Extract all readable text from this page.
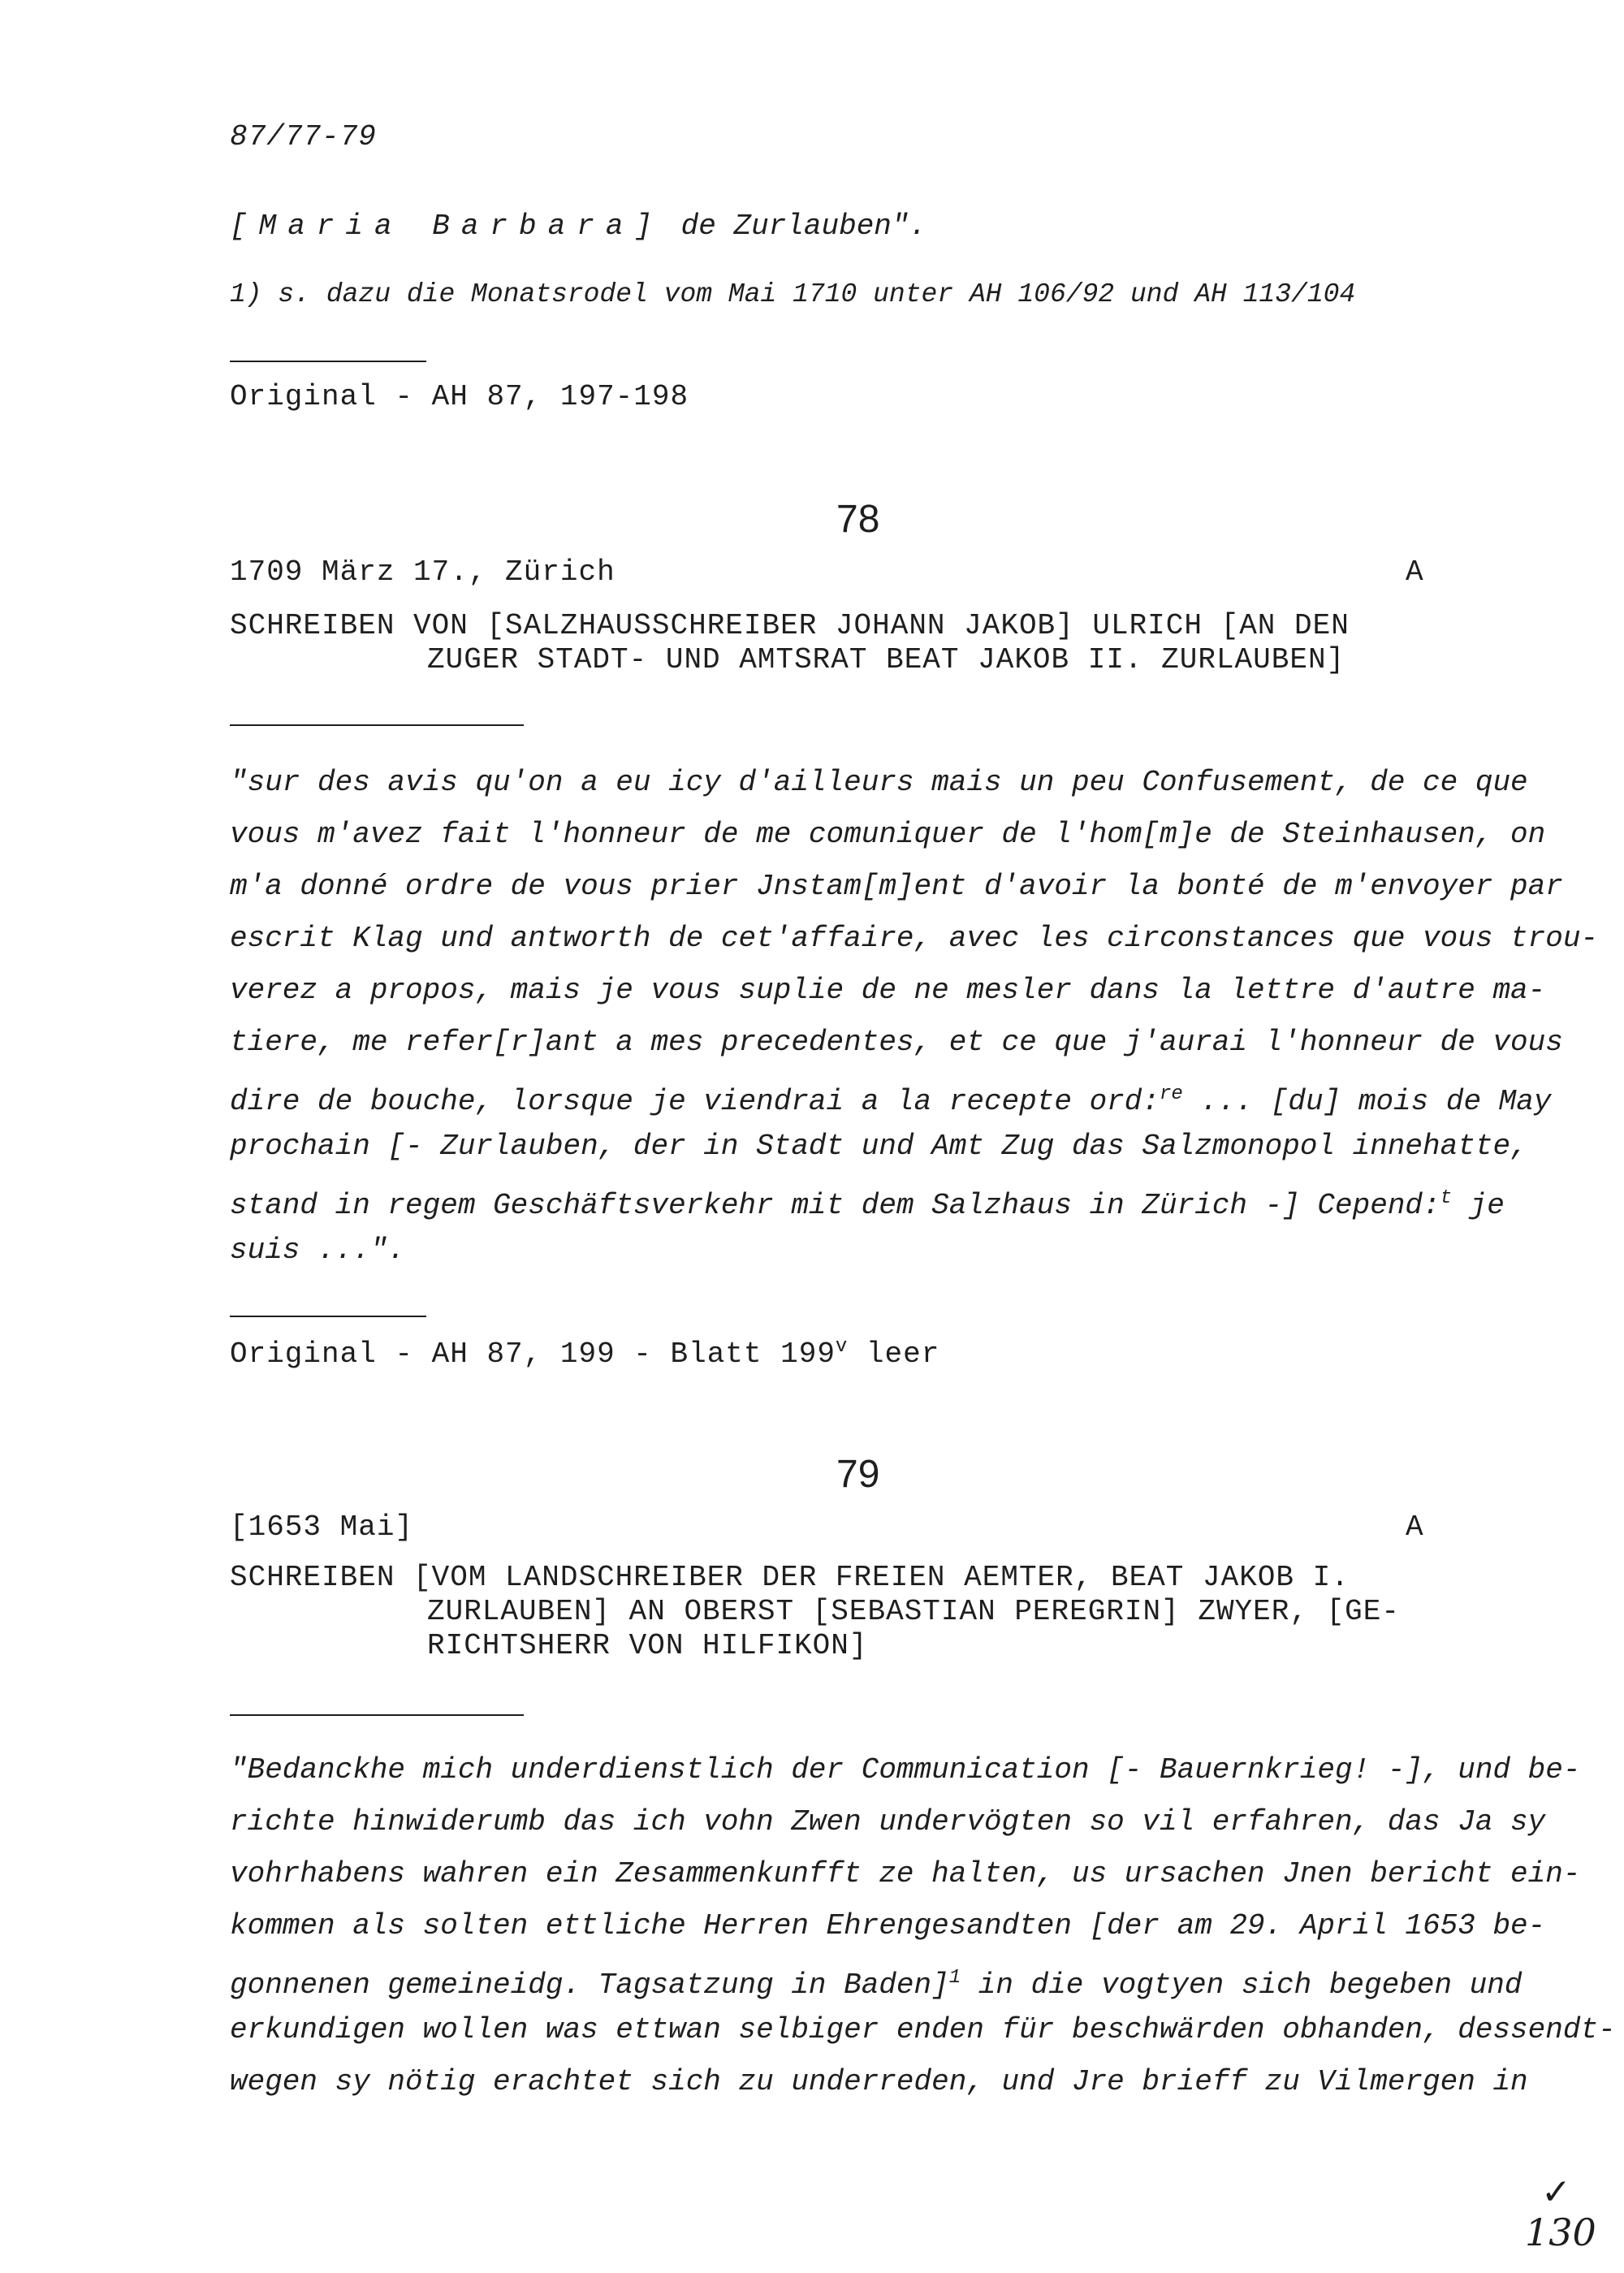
87/77-79

[Maria Barbara] de Zurlauben".

1) s. dazu die Monatsrodel vom Mai 1710 unter AH 106/92 und AH 113/104

Original - AH 87, 197-198

78

1709 März 17., Zürich	A

SCHREIBEN VON [SALZHAUSSCHREIBER JOHANN JAKOB] ULRICH [AN DEN

ZUGER STADT- UND AMTSRAT BEAT JAKOB II. ZURLAUBEN]

"sur des avis qu'on a eu icy d'ailleurs mais un peu Confusement, de ce que

vous m'avez fait l'honneur de me comuniquer de l'hom[m]e de Steinhausen, on

m'a donné ordre de vous prier Jnstam[m]ent d'avoir la bonté de m'envoyer par

escrit Klag und antworth de cet'affaire, avec les circonstances que vous trou-

verez a propos, mais je vous suplie de ne mesler dans la lettre d'autre ma-

tiere, me refer[r]ant a mes precedentes, et ce que j'aurai l'honneur de vous

dire de bouche, lorsque je viendrai a la recepte ord:$^{re}$ ... [du] mois de May

prochain [- Zurlauben, der in Stadt und Amt Zug das Salzmonopol innehatte,

stand in regem Geschäftsverkehr mit dem Salzhaus in Zürich -] Cepend:$^t$ je

suis ...".

Original - AH 87, 199 - Blatt 199$^v$ leer

79

[1653 Mai]	A

SCHREIBEN [VOM LANDSCHREIBER DER FREIEN AEMTER, BEAT JAKOB I.

ZURLAUBEN] AN OBERST [SEBASTIAN PEREGRIN] ZWYER, [GE-

RICHTSHERR VON HILFIKON]

"Bedanckhe mich underdienstlich der Communication [- Bauernkrieg! -], und be-

richte hinwiderumb das ich vohn Zwen undervögten so vil erfahren, das Ja sy

vohrhabens wahren ein Zesammenkunfft ze halten, us ursachen Jnen bericht ein-

kommen als solten ettliche Herren Ehrengesandten [der am 29. April 1653 be-

gonnenen gemeineidg. Tagsatzung in Baden]$^1$ in die vogtyen sich begeben und

erkundigen wollen was ettwan selbiger enden für beschwärden obhanden, dessendt-

wegen sy nötig erachtet sich zu underreden, und Jre brieff zu Vilmergen in

✓

130
